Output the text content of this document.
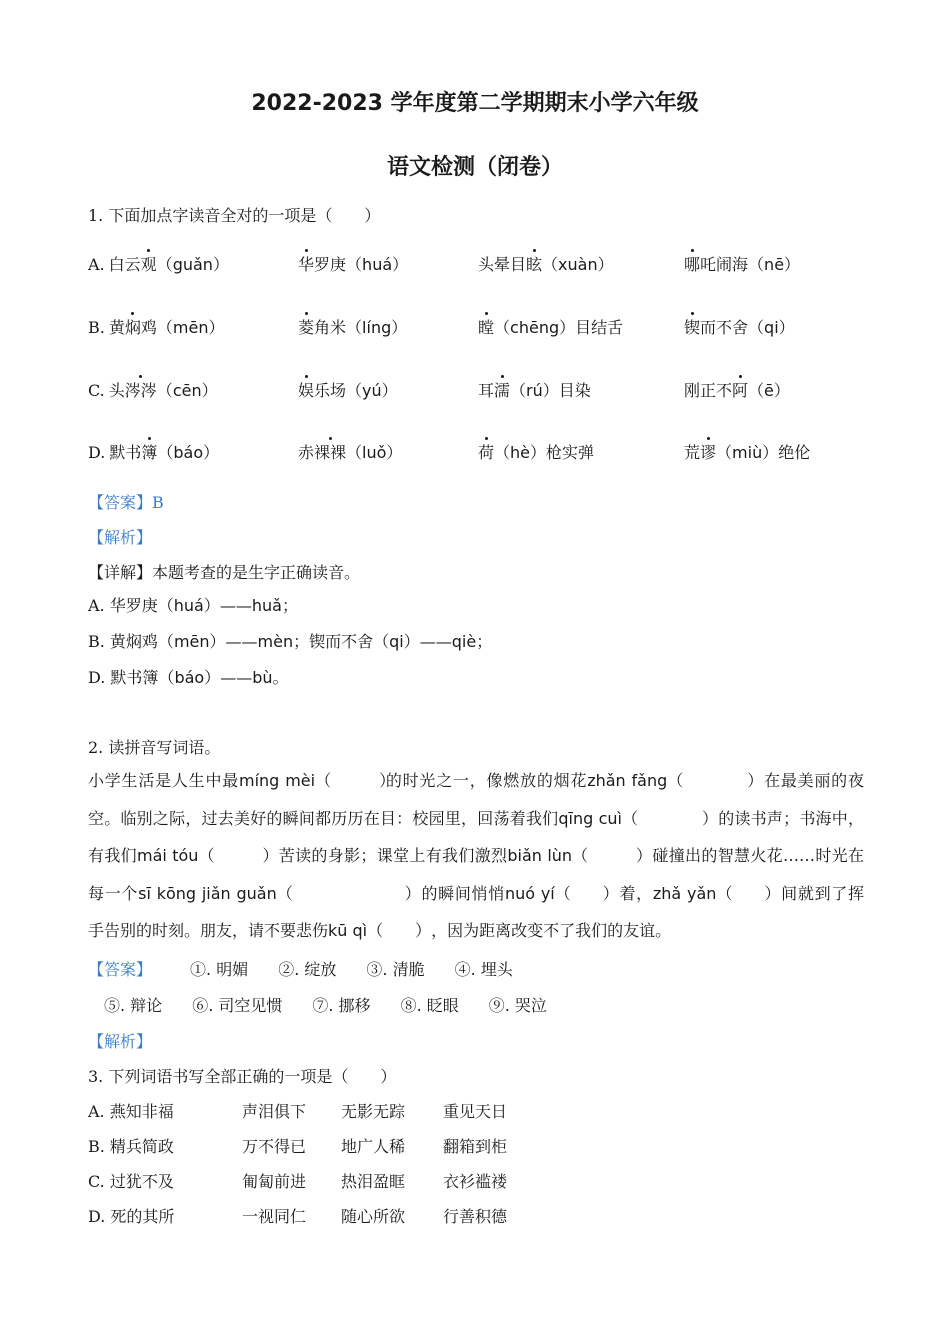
2022-2023 学年度第二学期期末小学六年级
语文检测（闭卷）
1. 下面加点字读音全对的一项是（　　）
A. 白云观（guǎn）	华罗庚（huá）	头晕目眩（xuàn）	哪吒闹海（nē）
B. 黄焖鸡（mēn）	菱角米（líng）	瞠（chēng）目结舌	锲而不舍（qi）
C. 头涔涔（cēn）	娱乐场（yú）	耳濡（rú）目染	刚正不阿（ē）
D. 默书簿（báo）	赤裸裸（luǒ）	荷（hè）枪实弹	荒谬（miù）绝伦
【答案】B
【解析】
【详解】本题考查的是生字正确读音。
A. 华罗庚（huá）——huǎ；
B. 黄焖鸡（mēn）——mèn；锲而不舍（qi）——qiè；
D. 默书簿（báo）——bù。
2. 读拼音写词语。
小学生活是人生中最míng mèi（　　　）的时光之一，像燃放的烟花zhǎn fǎng（　　　　）在最美丽的夜空。临别之际，过去美好的瞬间都历历在目：校园里，回荡着我们qīng cuì（　　　　）的读书声；书海中，有我们mái tóu（　　　）苦读的身影；课堂上有我们激烈biǎn lùn（　　　）碰撞出的智慧火花……时光在每一个sī kōng jiǎn guǎn（　　　　　　　）的瞬间悄悄nuó yí（　　）着，zhǎ yǎn（　　）间就到了挥手告别的时刻。朋友，请不要悲伤kū qì（　　），因为距离改变不了我们的友谊。
【答案】 ①. 明媚 ②. 绽放 ③. 清脆 ④. 埋头
⑤. 辩论 ⑥. 司空见惯 ⑦. 挪移 ⑧. 眨眼 ⑨. 哭泣
【解析】
3. 下列词语书写全部正确的一项是（　　）
A. 燕知非福	声泪俱下 无影无踪 重见天日
B. 精兵简政	万不得已 地广人稀 翻箱到柜
C. 过犹不及	匍匐前进 热泪盈眶 衣衫褴褛
D. 死的其所	一视同仁 随心所欲 行善积德
